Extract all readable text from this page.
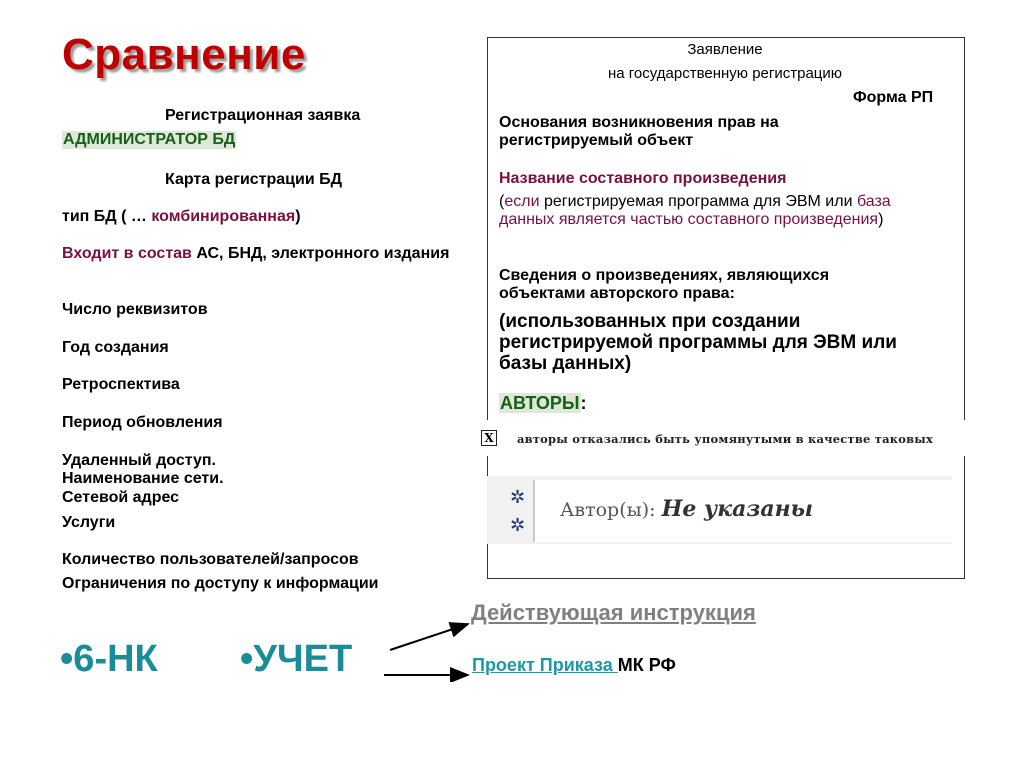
Сравнение
Регистрационная заявка
АДМИНИСТРАТОР БД
Карта регистрации БД
тип БД ( … комбинированная)
Входит в состав АС, БНД, электронного издания
Число реквизитов
Год создания
Ретроспектива
Период обновления
Удаленный доступ.
Наименование сети.
Сетевой адрес
Услуги
Количество пользователей/запросов
Ограничения по доступу к информации
Заявление
на государственную регистрацию
Форма РП
Основания возникновения прав на регистрируемый объект
Название составного произведения
(если регистрируемая программа для ЭВМ или база данных является частью составного произведения)
Сведения о произведениях, являющихся объектами авторского права:
(использованных при создании регистрируемой программы для ЭВМ или базы данных)
АВТОРЫ:
X авторы отказались быть упомянутыми в качестве таковых
✲
✲
Автор(ы): Не указаны
Действующая инструкция
Проект Приказа МК РФ
•6-НК •УЧЕТ
